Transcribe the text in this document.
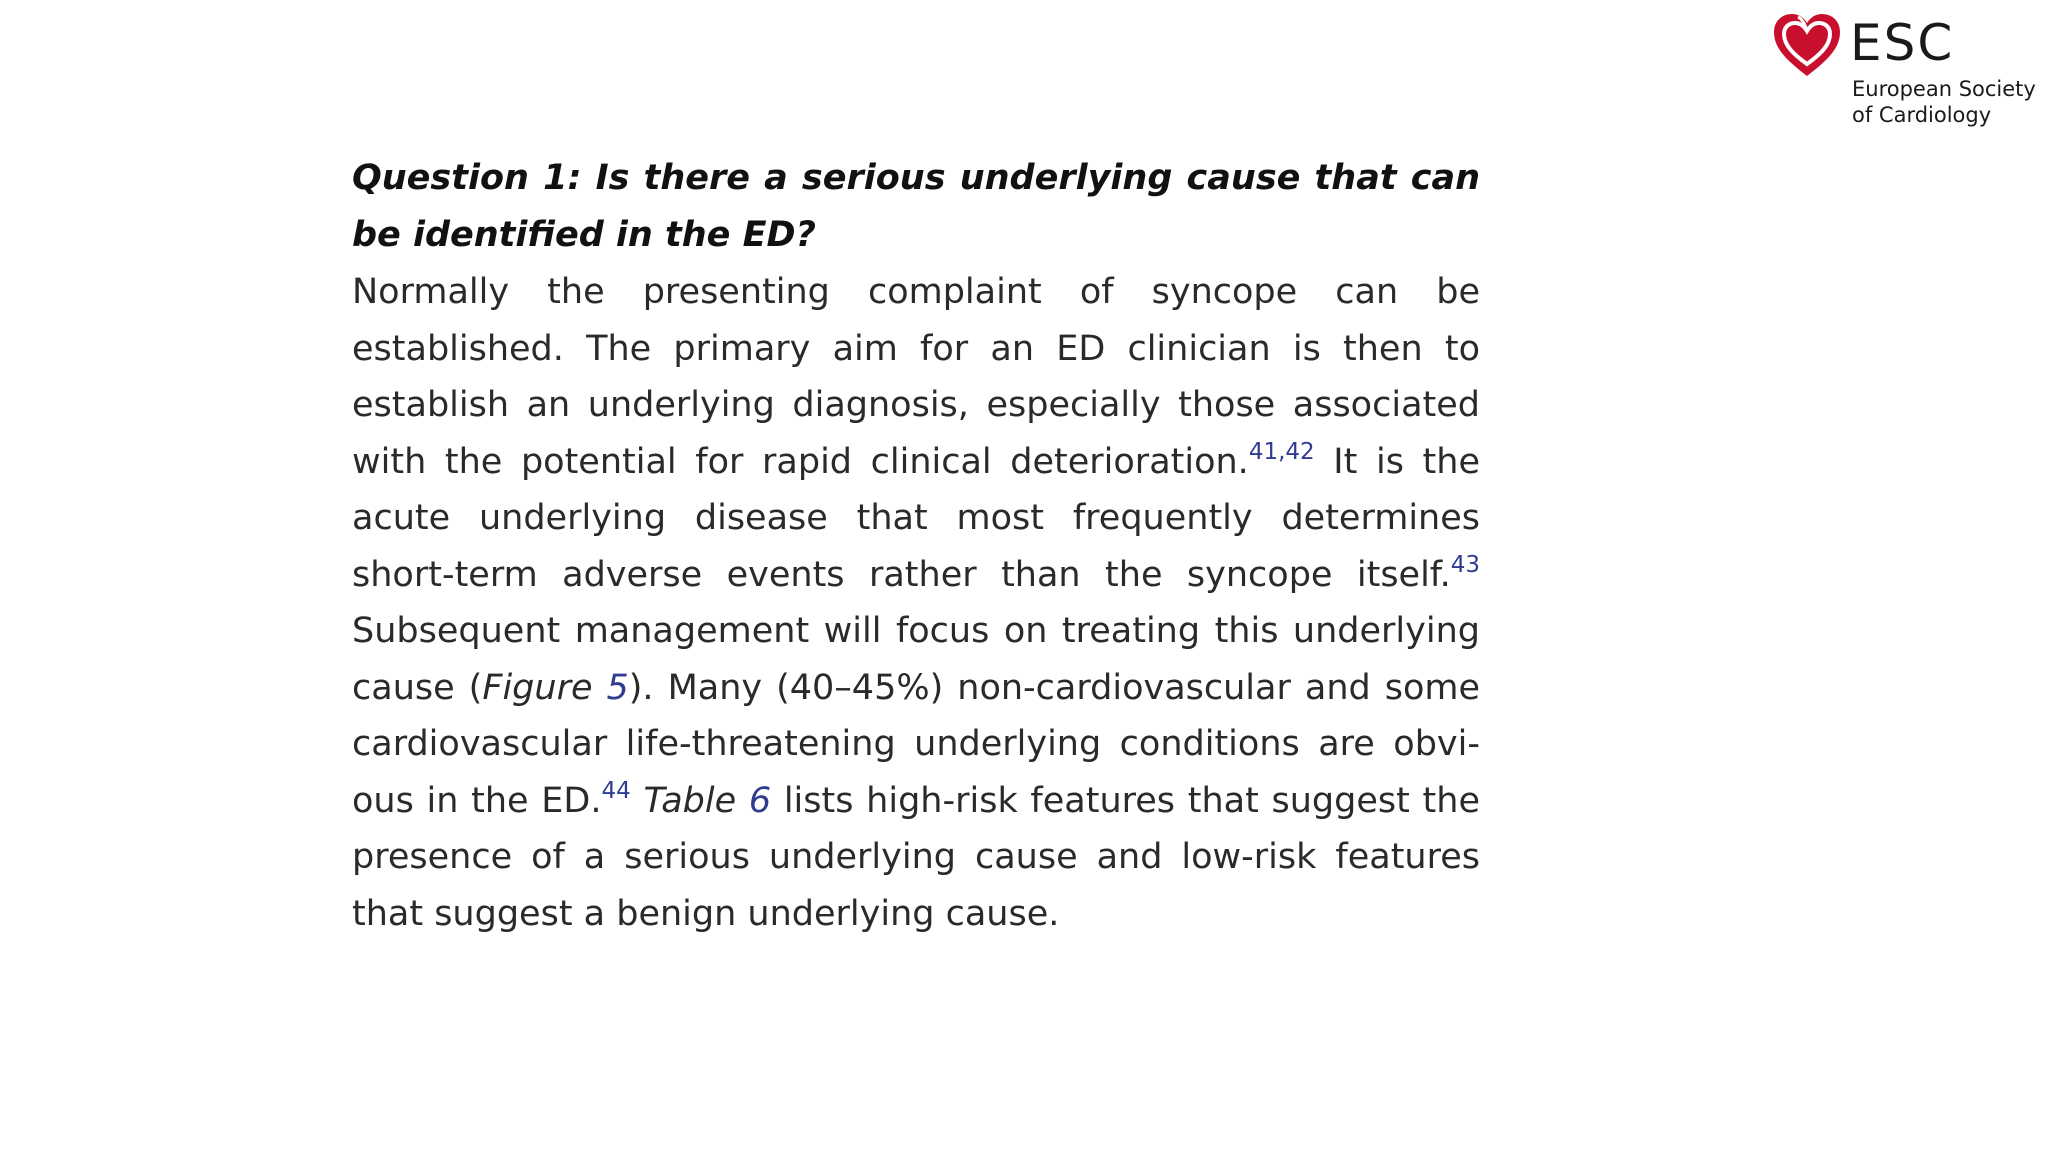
ESC
European Society
of Cardiology

Question 1: Is there a serious underlying cause that can be identified in the ED?

Normally the presenting complaint of syncope can be established. The primary aim for an ED clinician is then to establish an underlying diagnosis, especially those associated with the potential for rapid clinical deterioration.$^{41,42}$ It is the acute underlying disease that most frequently determines short-term adverse events rather than the syncope itself.$^{43}$ Subsequent management will focus on treating this underlying cause (Figure 5). Many (40–45%) non-cardiovascular and some cardiovascular life-threatening underlying conditions are obvious in the ED.$^{44}$ Table 6 lists high-risk features that suggest the presence of a serious underlying cause and low-risk features that suggest a benign underlying cause.
